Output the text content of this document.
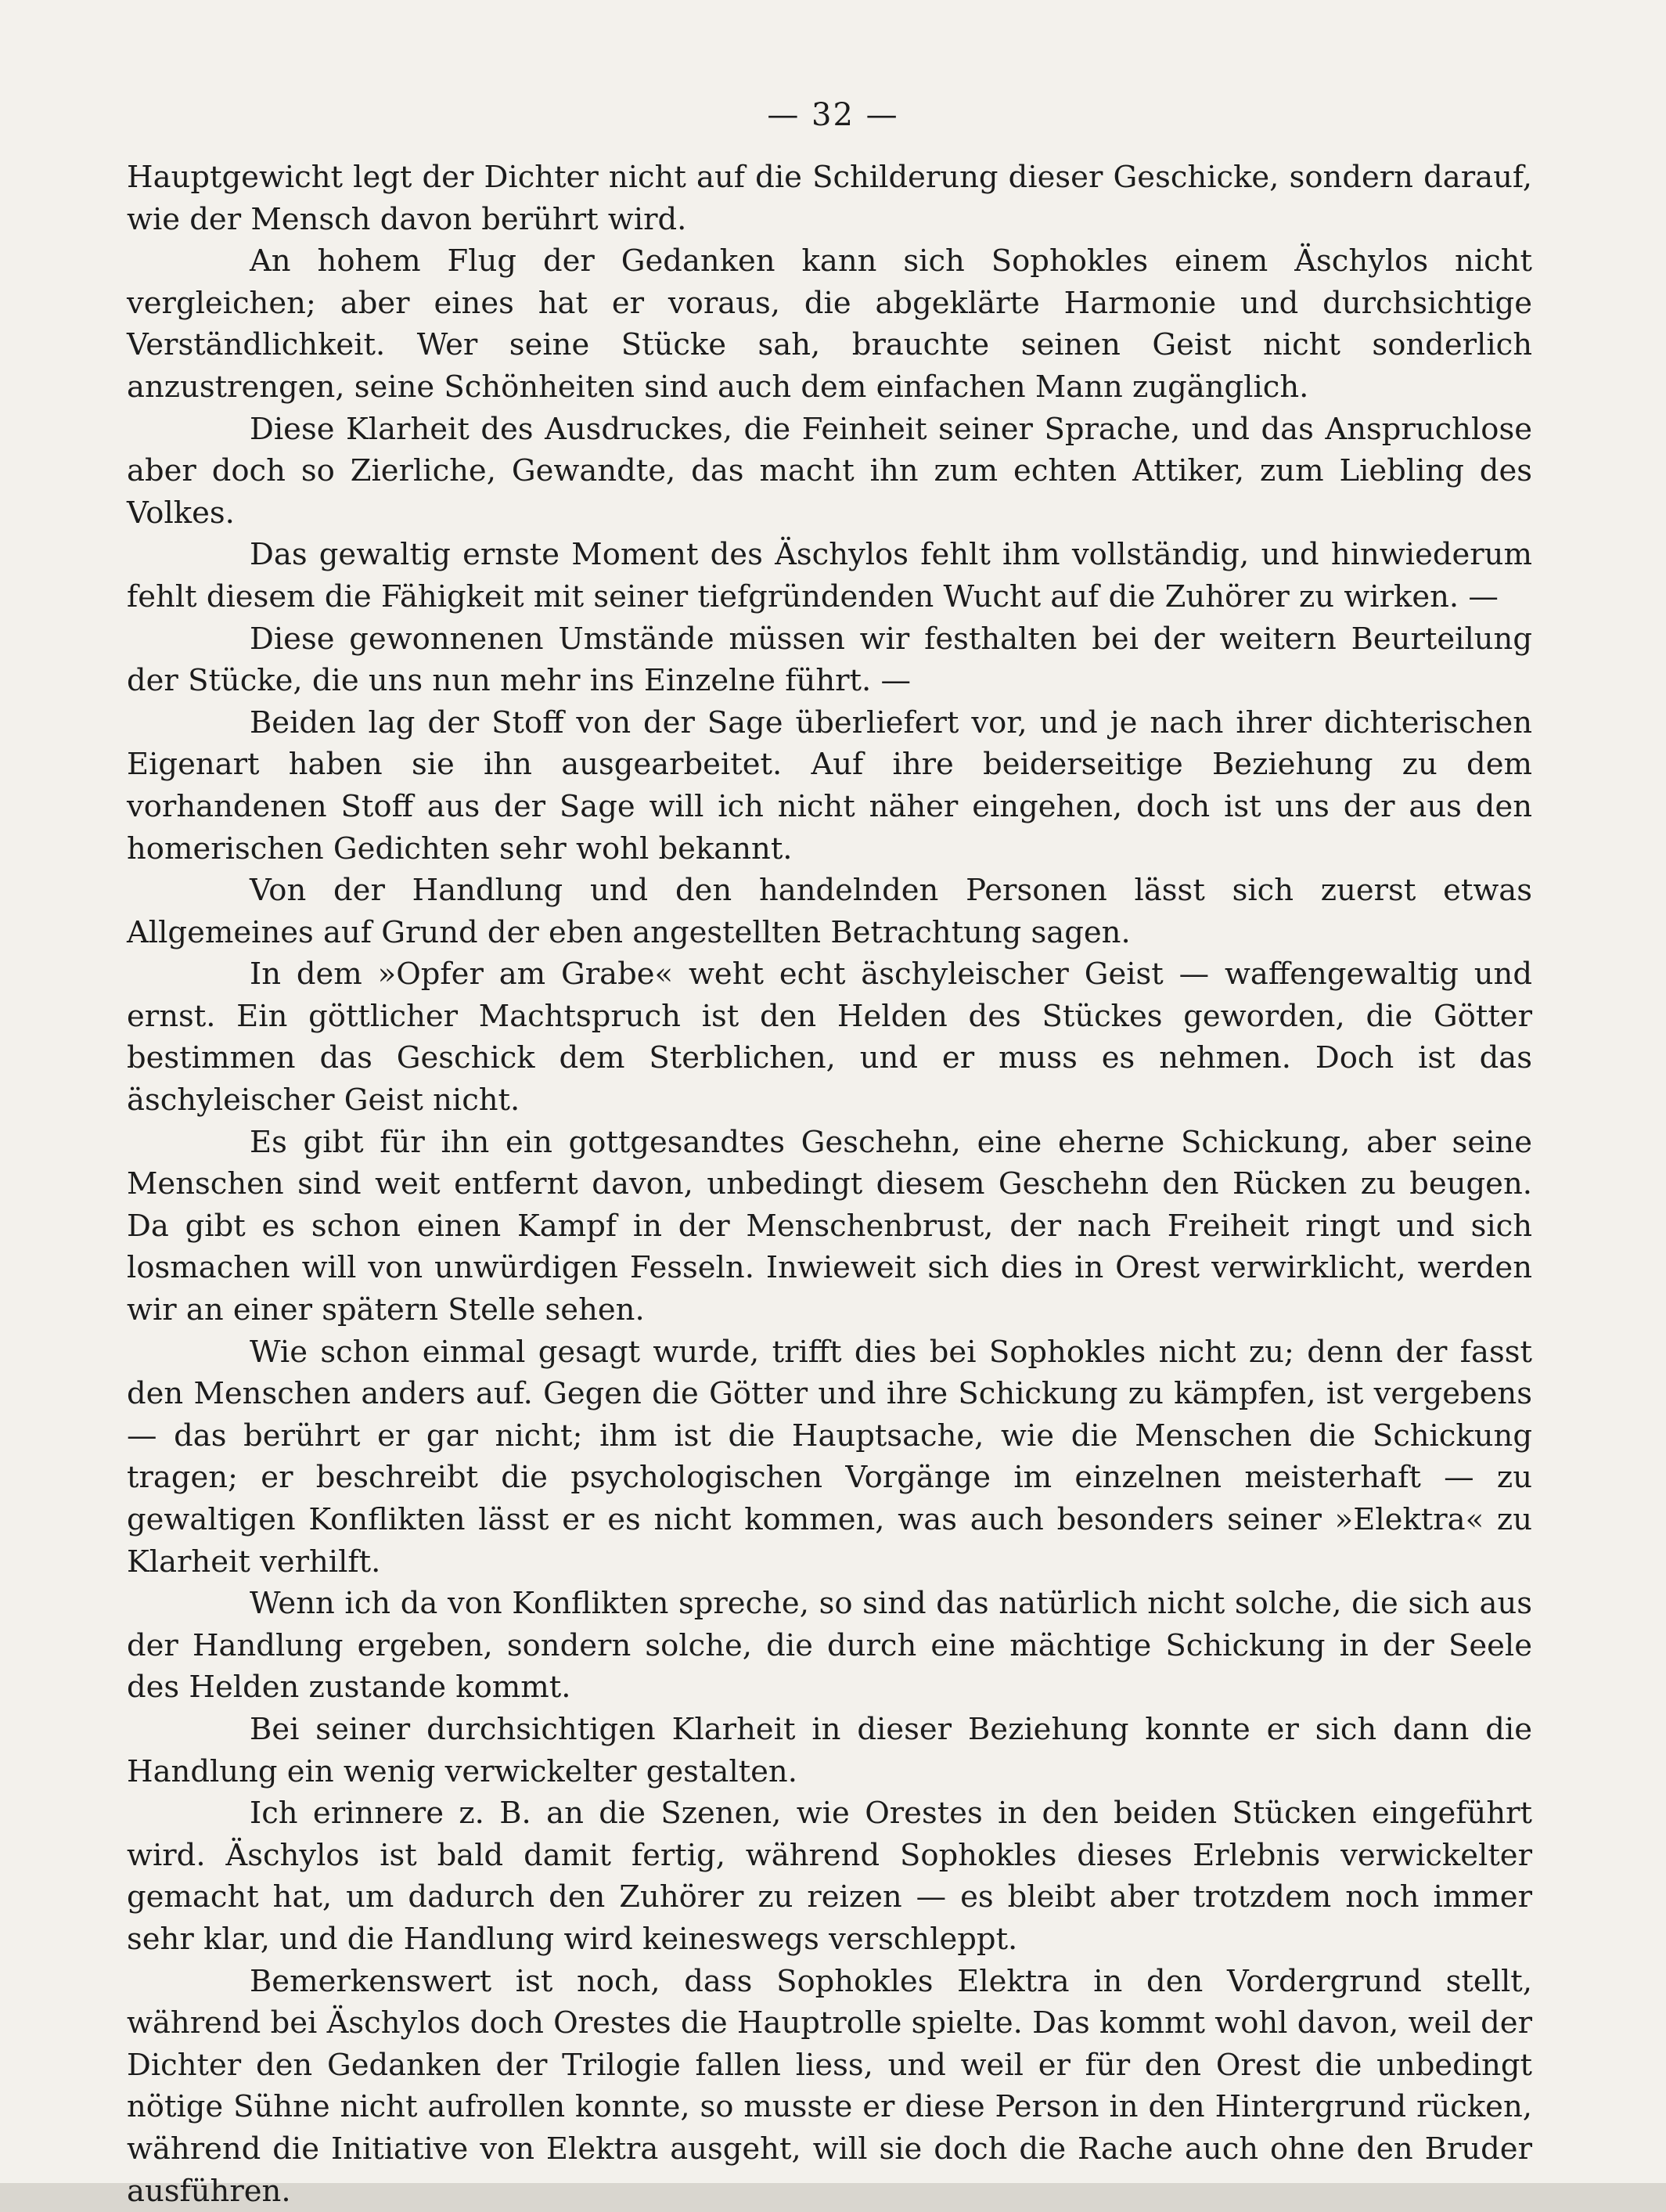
— 32 —

Hauptgewicht legt der Dichter nicht auf die Schilderung dieser Geschicke, sondern darauf, wie der Mensch davon berührt wird.

An hohem Flug der Gedanken kann sich Sophokles einem Äschylos nicht vergleichen; aber eines hat er voraus, die abgeklärte Harmonie und durchsichtige Verständlichkeit. Wer seine Stücke sah, brauchte seinen Geist nicht sonderlich anzustrengen, seine Schönheiten sind auch dem einfachen Mann zugänglich.

Diese Klarheit des Ausdruckes, die Feinheit seiner Sprache, und das Anspruchlose aber doch so Zierliche, Gewandte, das macht ihn zum echten Attiker, zum Liebling des Volkes.

Das gewaltig ernste Moment des Äschylos fehlt ihm vollständig, und hinwiederum fehlt diesem die Fähigkeit mit seiner tiefgründenden Wucht auf die Zuhörer zu wirken. —

Diese gewonnenen Umstände müssen wir festhalten bei der weitern Beurteilung der Stücke, die uns nun mehr ins Einzelne führt. —

Beiden lag der Stoff von der Sage überliefert vor, und je nach ihrer dichterischen Eigenart haben sie ihn ausgearbeitet. Auf ihre beiderseitige Beziehung zu dem vorhandenen Stoff aus der Sage will ich nicht näher eingehen, doch ist uns der aus den homerischen Gedichten sehr wohl bekannt.

Von der Handlung und den handelnden Personen lässt sich zuerst etwas Allgemeines auf Grund der eben angestellten Betrachtung sagen.

In dem »Opfer am Grabe« weht echt äschyleischer Geist — waffengewaltig und ernst. Ein göttlicher Machtspruch ist den Helden des Stückes geworden, die Götter bestimmen das Geschick dem Sterblichen, und er muss es nehmen. Doch ist das äschyleischer Geist nicht.

Es gibt für ihn ein gottgesandtes Geschehn, eine eherne Schickung, aber seine Menschen sind weit entfernt davon, unbedingt diesem Geschehn den Rücken zu beugen. Da gibt es schon einen Kampf in der Menschenbrust, der nach Freiheit ringt und sich losmachen will von unwürdigen Fesseln. Inwieweit sich dies in Orest verwirklicht, werden wir an einer spätern Stelle sehen.

Wie schon einmal gesagt wurde, trifft dies bei Sophokles nicht zu; denn der fasst den Menschen anders auf. Gegen die Götter und ihre Schickung zu kämpfen, ist vergebens — das berührt er gar nicht; ihm ist die Hauptsache, wie die Menschen die Schickung tragen; er beschreibt die psychologischen Vorgänge im einzelnen meisterhaft — zu gewaltigen Konflikten lässt er es nicht kommen, was auch besonders seiner »Elektra« zu Klarheit verhilft.

Wenn ich da von Konflikten spreche, so sind das natürlich nicht solche, die sich aus der Handlung ergeben, sondern solche, die durch eine mächtige Schickung in der Seele des Helden zustande kommt.

Bei seiner durchsichtigen Klarheit in dieser Beziehung konnte er sich dann die Handlung ein wenig verwickelter gestalten.

Ich erinnere z. B. an die Szenen, wie Orestes in den beiden Stücken eingeführt wird. Äschylos ist bald damit fertig, während Sophokles dieses Erlebnis verwickelter gemacht hat, um dadurch den Zuhörer zu reizen — es bleibt aber trotzdem noch immer sehr klar, und die Handlung wird keineswegs verschleppt.

Bemerkenswert ist noch, dass Sophokles Elektra in den Vordergrund stellt, während bei Äschylos doch Orestes die Hauptrolle spielte. Das kommt wohl davon, weil der Dichter den Gedanken der Trilogie fallen liess, und weil er für den Orest die unbedingt nötige Sühne nicht aufrollen konnte, so musste er diese Person in den Hintergrund rücken, während die Initiative von Elektra ausgeht, will sie doch die Rache auch ohne den Bruder ausführen.
